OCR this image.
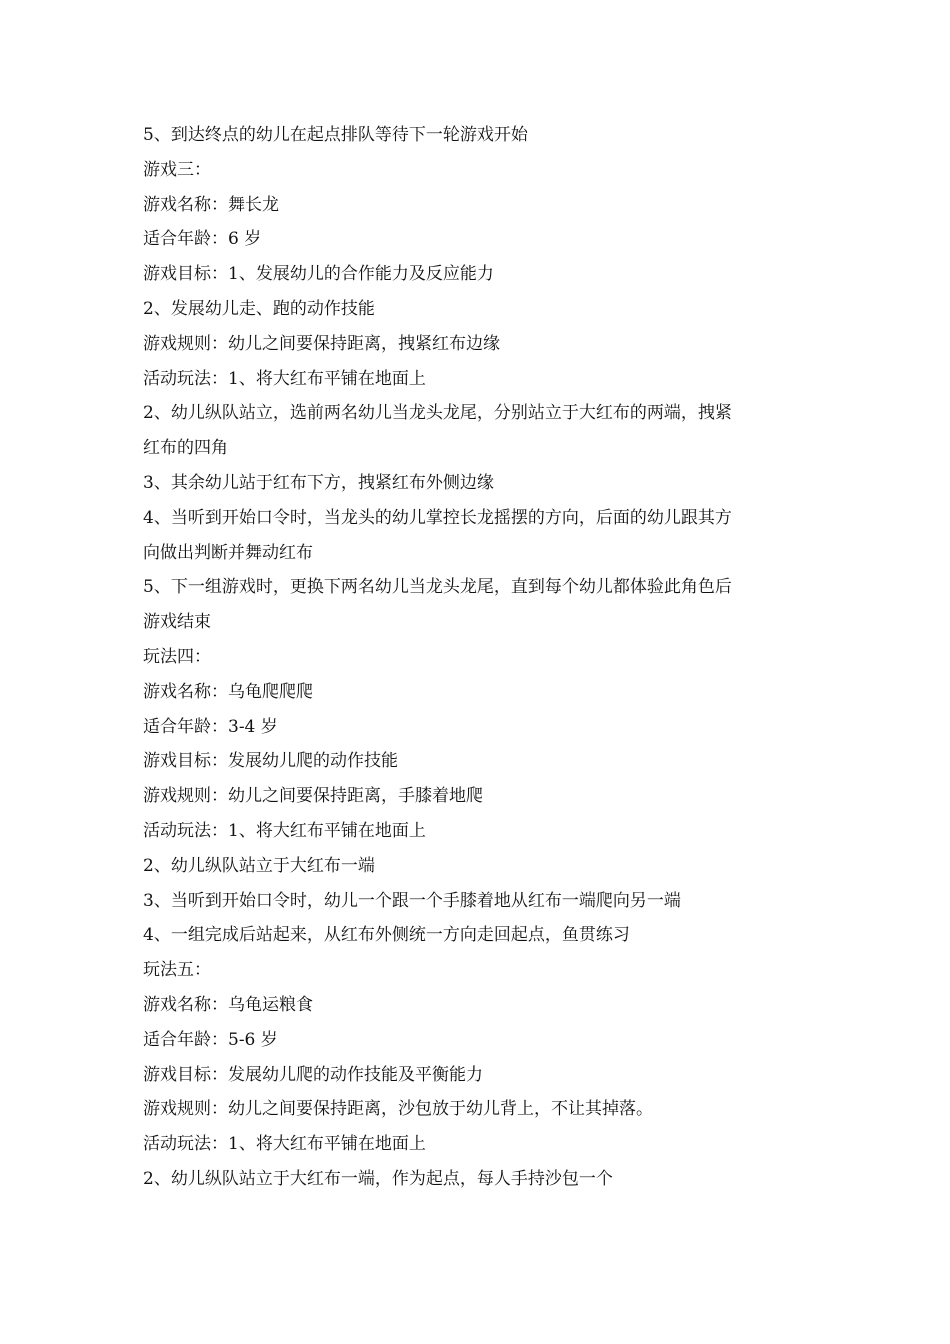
5、到达终点的幼儿在起点排队等待下一轮游戏开始
游戏三：
游戏名称：舞长龙
适合年龄：6 岁
游戏目标：1、发展幼儿的合作能力及反应能力
2、发展幼儿走、跑的动作技能
游戏规则：幼儿之间要保持距离，拽紧红布边缘
活动玩法：1、将大红布平铺在地面上
2、幼儿纵队站立，选前两名幼儿当龙头龙尾，分别站立于大红布的两端，拽紧
红布的四角
3、其余幼儿站于红布下方，拽紧红布外侧边缘
4、当听到开始口令时，当龙头的幼儿掌控长龙摇摆的方向，后面的幼儿跟其方
向做出判断并舞动红布
5、下一组游戏时，更换下两名幼儿当龙头龙尾，直到每个幼儿都体验此角色后
游戏结束
玩法四：
游戏名称：乌龟爬爬爬
适合年龄：3-4 岁
游戏目标：发展幼儿爬的动作技能
游戏规则：幼儿之间要保持距离，手膝着地爬
活动玩法：1、将大红布平铺在地面上
2、幼儿纵队站立于大红布一端
3、当听到开始口令时，幼儿一个跟一个手膝着地从红布一端爬向另一端
4、一组完成后站起来，从红布外侧统一方向走回起点，鱼贯练习
玩法五：
游戏名称：乌龟运粮食
适合年龄：5-6 岁
游戏目标：发展幼儿爬的动作技能及平衡能力
游戏规则：幼儿之间要保持距离，沙包放于幼儿背上，不让其掉落。
活动玩法：1、将大红布平铺在地面上
2、幼儿纵队站立于大红布一端，作为起点，每人手持沙包一个
